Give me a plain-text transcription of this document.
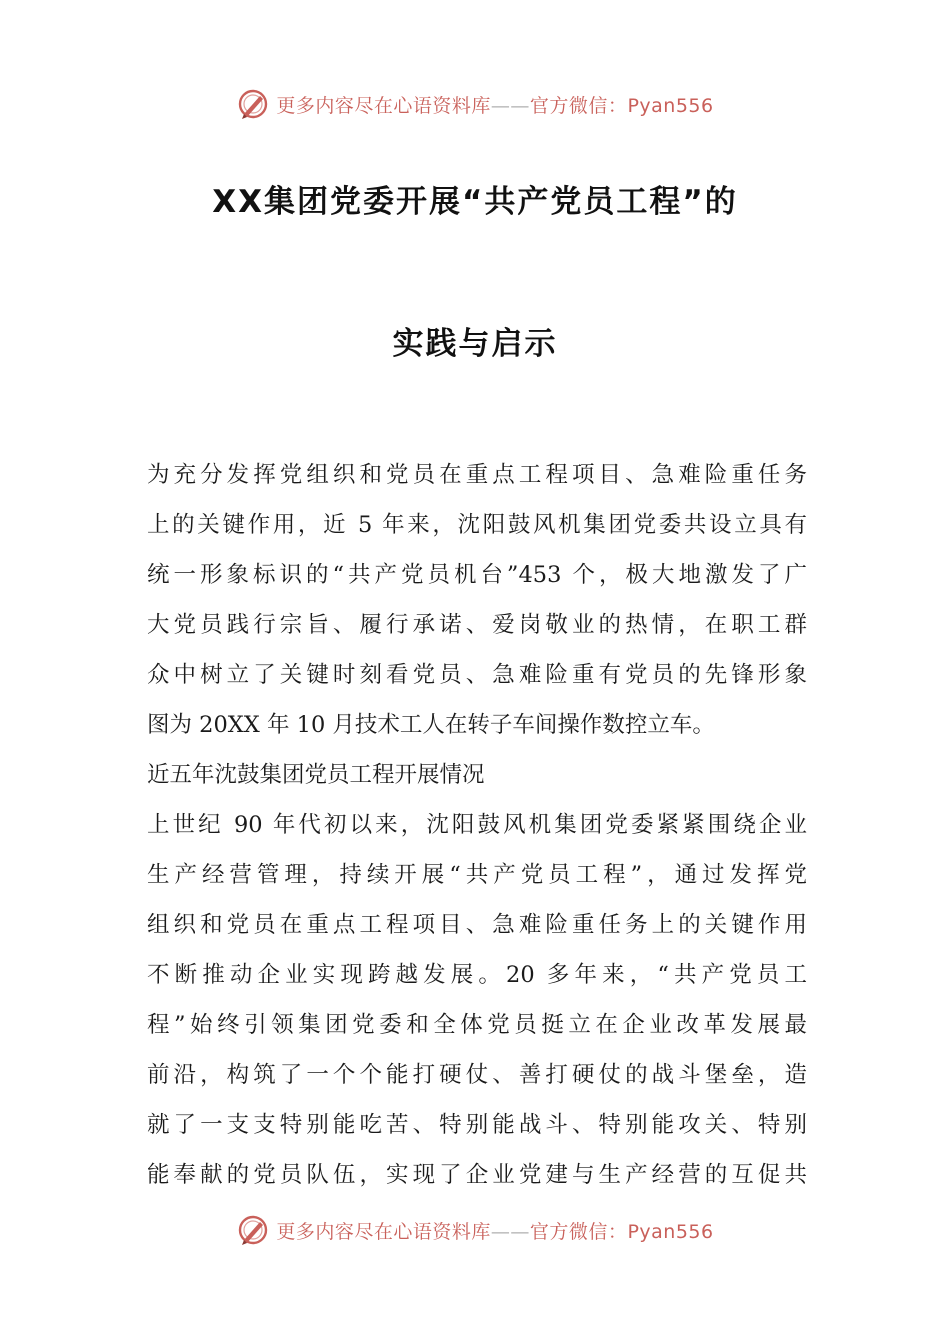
更多内容尽在心语资料库——官方微信：Pyan556
XX集团党委开展“共产党员工程”的
实践与启示
为充分发挥党组织和党员在重点工程项目、急难险重任务
上的关键作用，近 5 年来，沈阳鼓风机集团党委共设立具有
统一形象标识的“共产党员机台”453 个，极大地激发了广
大党员践行宗旨、履行承诺、爱岗敬业的热情，在职工群
众中树立了关键时刻看党员、急难险重有党员的先锋形象
图为 20XX 年 10 月技术工人在转子车间操作数控立车。
近五年沈鼓集团党员工程开展情况
上世纪 90 年代初以来，沈阳鼓风机集团党委紧紧围绕企业
生产经营管理，持续开展“共产党员工程”，通过发挥党
组织和党员在重点工程项目、急难险重任务上的关键作用
不断推动企业实现跨越发展。20 多年来，“共产党员工
程”始终引领集团党委和全体党员挺立在企业改革发展最
前沿，构筑了一个个能打硬仗、善打硬仗的战斗堡垒，造
就了一支支特别能吃苦、特别能战斗、特别能攻关、特别
能奉献的党员队伍，实现了企业党建与生产经营的互促共
更多内容尽在心语资料库——官方微信：Pyan556
